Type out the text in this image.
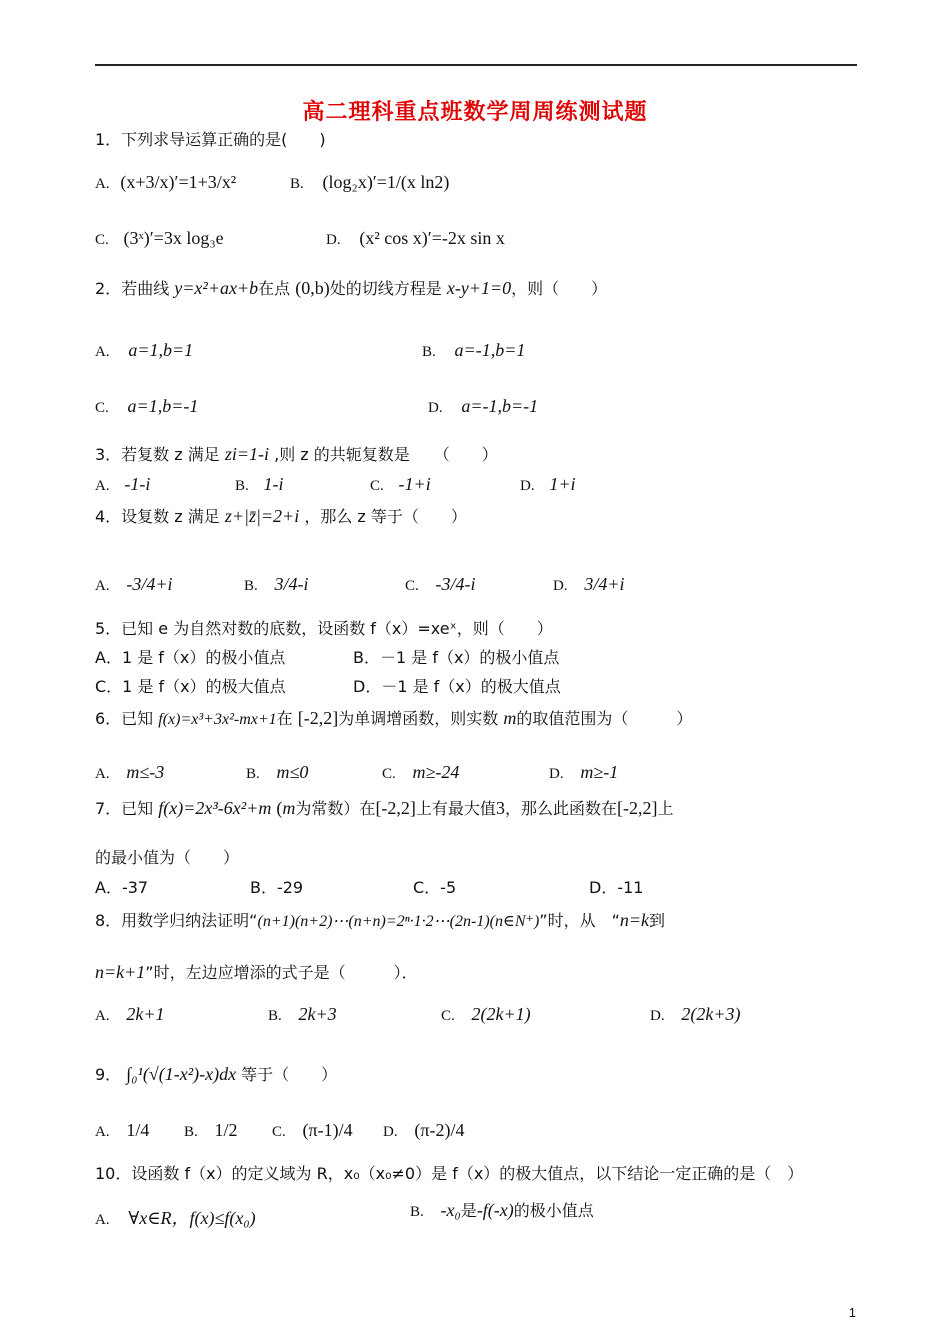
高二理科重点班数学周周练测试题
1．下列求导运算正确的是(　　)
A. (x+3/x)′=1+3/x²	B. (log₂x)′=1/(x ln2)
C. (3ˣ)′=3x log₃e	D. (x² cos x)′=-2x sin x
2．若曲线 y=x²+ax+b在点 (0,b)处的切线方程是 x-y+1=0，则（　　）
A. a=1,b=1	B. a=-1,b=1
C. a=1,b=-1	D. a=-1,b=-1
3．若复数 z 满足 zi=1-i ,则 z 的共轭复数是　　（　　）
A. -1-i	B. 1-i	C. -1+i	D. 1+i
4．设复数 z 满足 z+|z̄|=2+i ，那么 z 等于（　　）
A. -3/4+i	B. 3/4-i	C. -3/4-i	D. 3/4+i
5．已知 e 为自然对数的底数，设函数 f（x）=xeˣ，则（　　）
A．1 是 f（x）的极小值点	B．－1 是 f（x）的极小值点
C．1 是 f（x）的极大值点	D．－1 是 f（x）的极大值点
6．已知 f(x)=x³+3x²-mx+1在 [-2,2]为单调增函数，则实数 m的取值范围为（　　　）
A. m≤-3	B. m≤0	C. m≥-24	D. m≥-1
7．已知 f(x)=2x³-6x²+m (m为常数）在[-2,2]上有最大值3，那么此函数在[-2,2]上
的最小值为（　　）
A．-37	B．-29	C．-5	D．-11
8．用数学归纳法证明“(n+1)(n+2)⋯(n+n)=2ⁿ·1·2⋯(2n-1)(n∈N⁺)”时，从　“n=k到
n=k+1”时，左边应增添的式子是（　　　）．
A. 2k+1	B. 2k+3	C. 2(2k+1)	D. 2(2k+3)
9． ∫₀¹(√(1-x²)-x)dx 等于（　　）
A. 1/4 B. 1/2 C. (π-1)/4 D. (π-2)/4
10．设函数 f（x）的定义域为 R，x₀（x₀≠0）是 f（x）的极大值点，以下结论一定正确的是（　）
A. ∀x∈R，f(x)≤f(x₀)	B. -x₀是-f(-x)的极小值点
1
